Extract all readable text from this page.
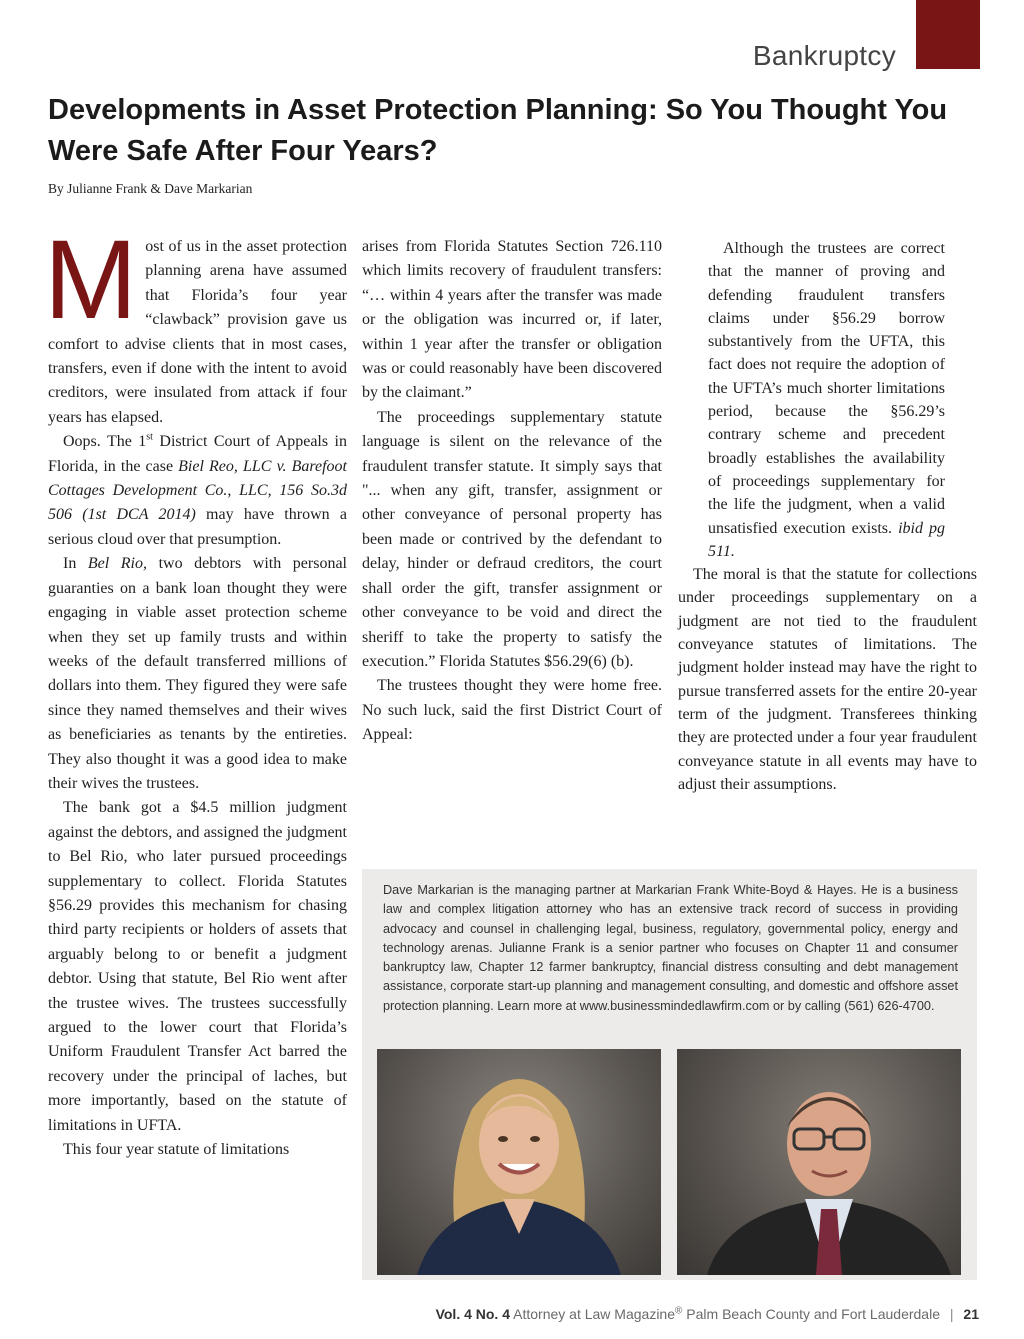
Bankruptcy
Developments in Asset Protection Planning: So You Thought You Were Safe After Four Years?
By Julianne Frank & Dave Markarian

Most of us in the asset protection planning arena have assumed that Florida’s four year “clawback” provision gave us comfort to advise clients that in most cases, transfers, even if done with the intent to avoid creditors, were insulated from attack if four years has elapsed.

Oops. The 1st District Court of Appeals in Florida, in the case Biel Reo, LLC v. Barefoot Cottages Development Co., LLC, 156 So.3d 506 (1st DCA 2014) may have thrown a serious cloud over that presumption.

In Bel Rio, two debtors with personal guaranties on a bank loan thought they were engaging in viable asset protection scheme when they set up family trusts and within weeks of the default transferred millions of dollars into them. They figured they were safe since they named themselves and their wives as beneficiaries as tenants by the entireties. They also thought it was a good idea to make their wives the trustees.

The bank got a $4.5 million judgment against the debtors, and assigned the judgment to Bel Rio, who later pursued proceedings supplementary to collect. Florida Statutes §56.29 provides this mechanism for chasing third party recipients or holders of assets that arguably belong to or benefit a judgment debtor. Using that statute, Bel Rio went after the trustee wives. The trustees successfully argued to the lower court that Florida’s Uniform Fraudulent Transfer Act barred the recovery under the principal of laches, but more importantly, based on the statute of limitations in UFTA.

This four year statute of limitations

arises from Florida Statutes Section 726.110 which limits recovery of fraudulent transfers: “… within 4 years after the transfer was made or the obligation was incurred or, if later, within 1 year after the transfer or obligation was or could reasonably have been discovered by the claimant.”

The proceedings supplementary statute language is silent on the relevance of the fraudulent transfer statute. It simply says that "... when any gift, transfer, assignment or other conveyance of personal property has been made or contrived by the defendant to delay, hinder or defraud creditors, the court shall order the gift, transfer assignment or other conveyance to be void and direct the sheriff to take the property to satisfy the execution.” Florida Statutes $56.29(6) (b).

The trustees thought they were home free. No such luck, said the first District Court of Appeal:

Although the trustees are correct that the manner of proving and defending fraudulent transfers claims under §56.29 borrow substantively from the UFTA, this fact does not require the adoption of the UFTA’s much shorter limitations period, because the §56.29’s contrary scheme and precedent broadly establishes the availability of proceedings supplementary for the life the judgment, when a valid unsatisfied execution exists. ibid pg 511.

The moral is that the statute for collections under proceedings supplementary on a judgment are not tied to the fraudulent conveyance statutes of limitations. The judgment holder instead may have the right to pursue transferred assets for the entire 20-year term of the judgment. Transferees thinking they are protected under a four year fraudulent conveyance statute in all events may have to adjust their assumptions.

Dave Markarian is the managing partner at Markarian Frank White-Boyd & Hayes. He is a business law and complex litigation attorney who has an extensive track record of success in providing advocacy and counsel in challenging legal, business, regulatory, governmental policy, energy and technology arenas. Julianne Frank is a senior partner who focuses on Chapter 11 and consumer bankruptcy law, Chapter 12 farmer bankruptcy, financial distress consulting and debt management assistance, corporate start-up planning and management consulting, and domestic and offshore asset protection planning. Learn more at www.businessmindedlawfirm.com or by calling (561) 626-4700.

Vol. 4 No. 4 Attorney at Law Magazine® Palm Beach County and Fort Lauderdale | 21
